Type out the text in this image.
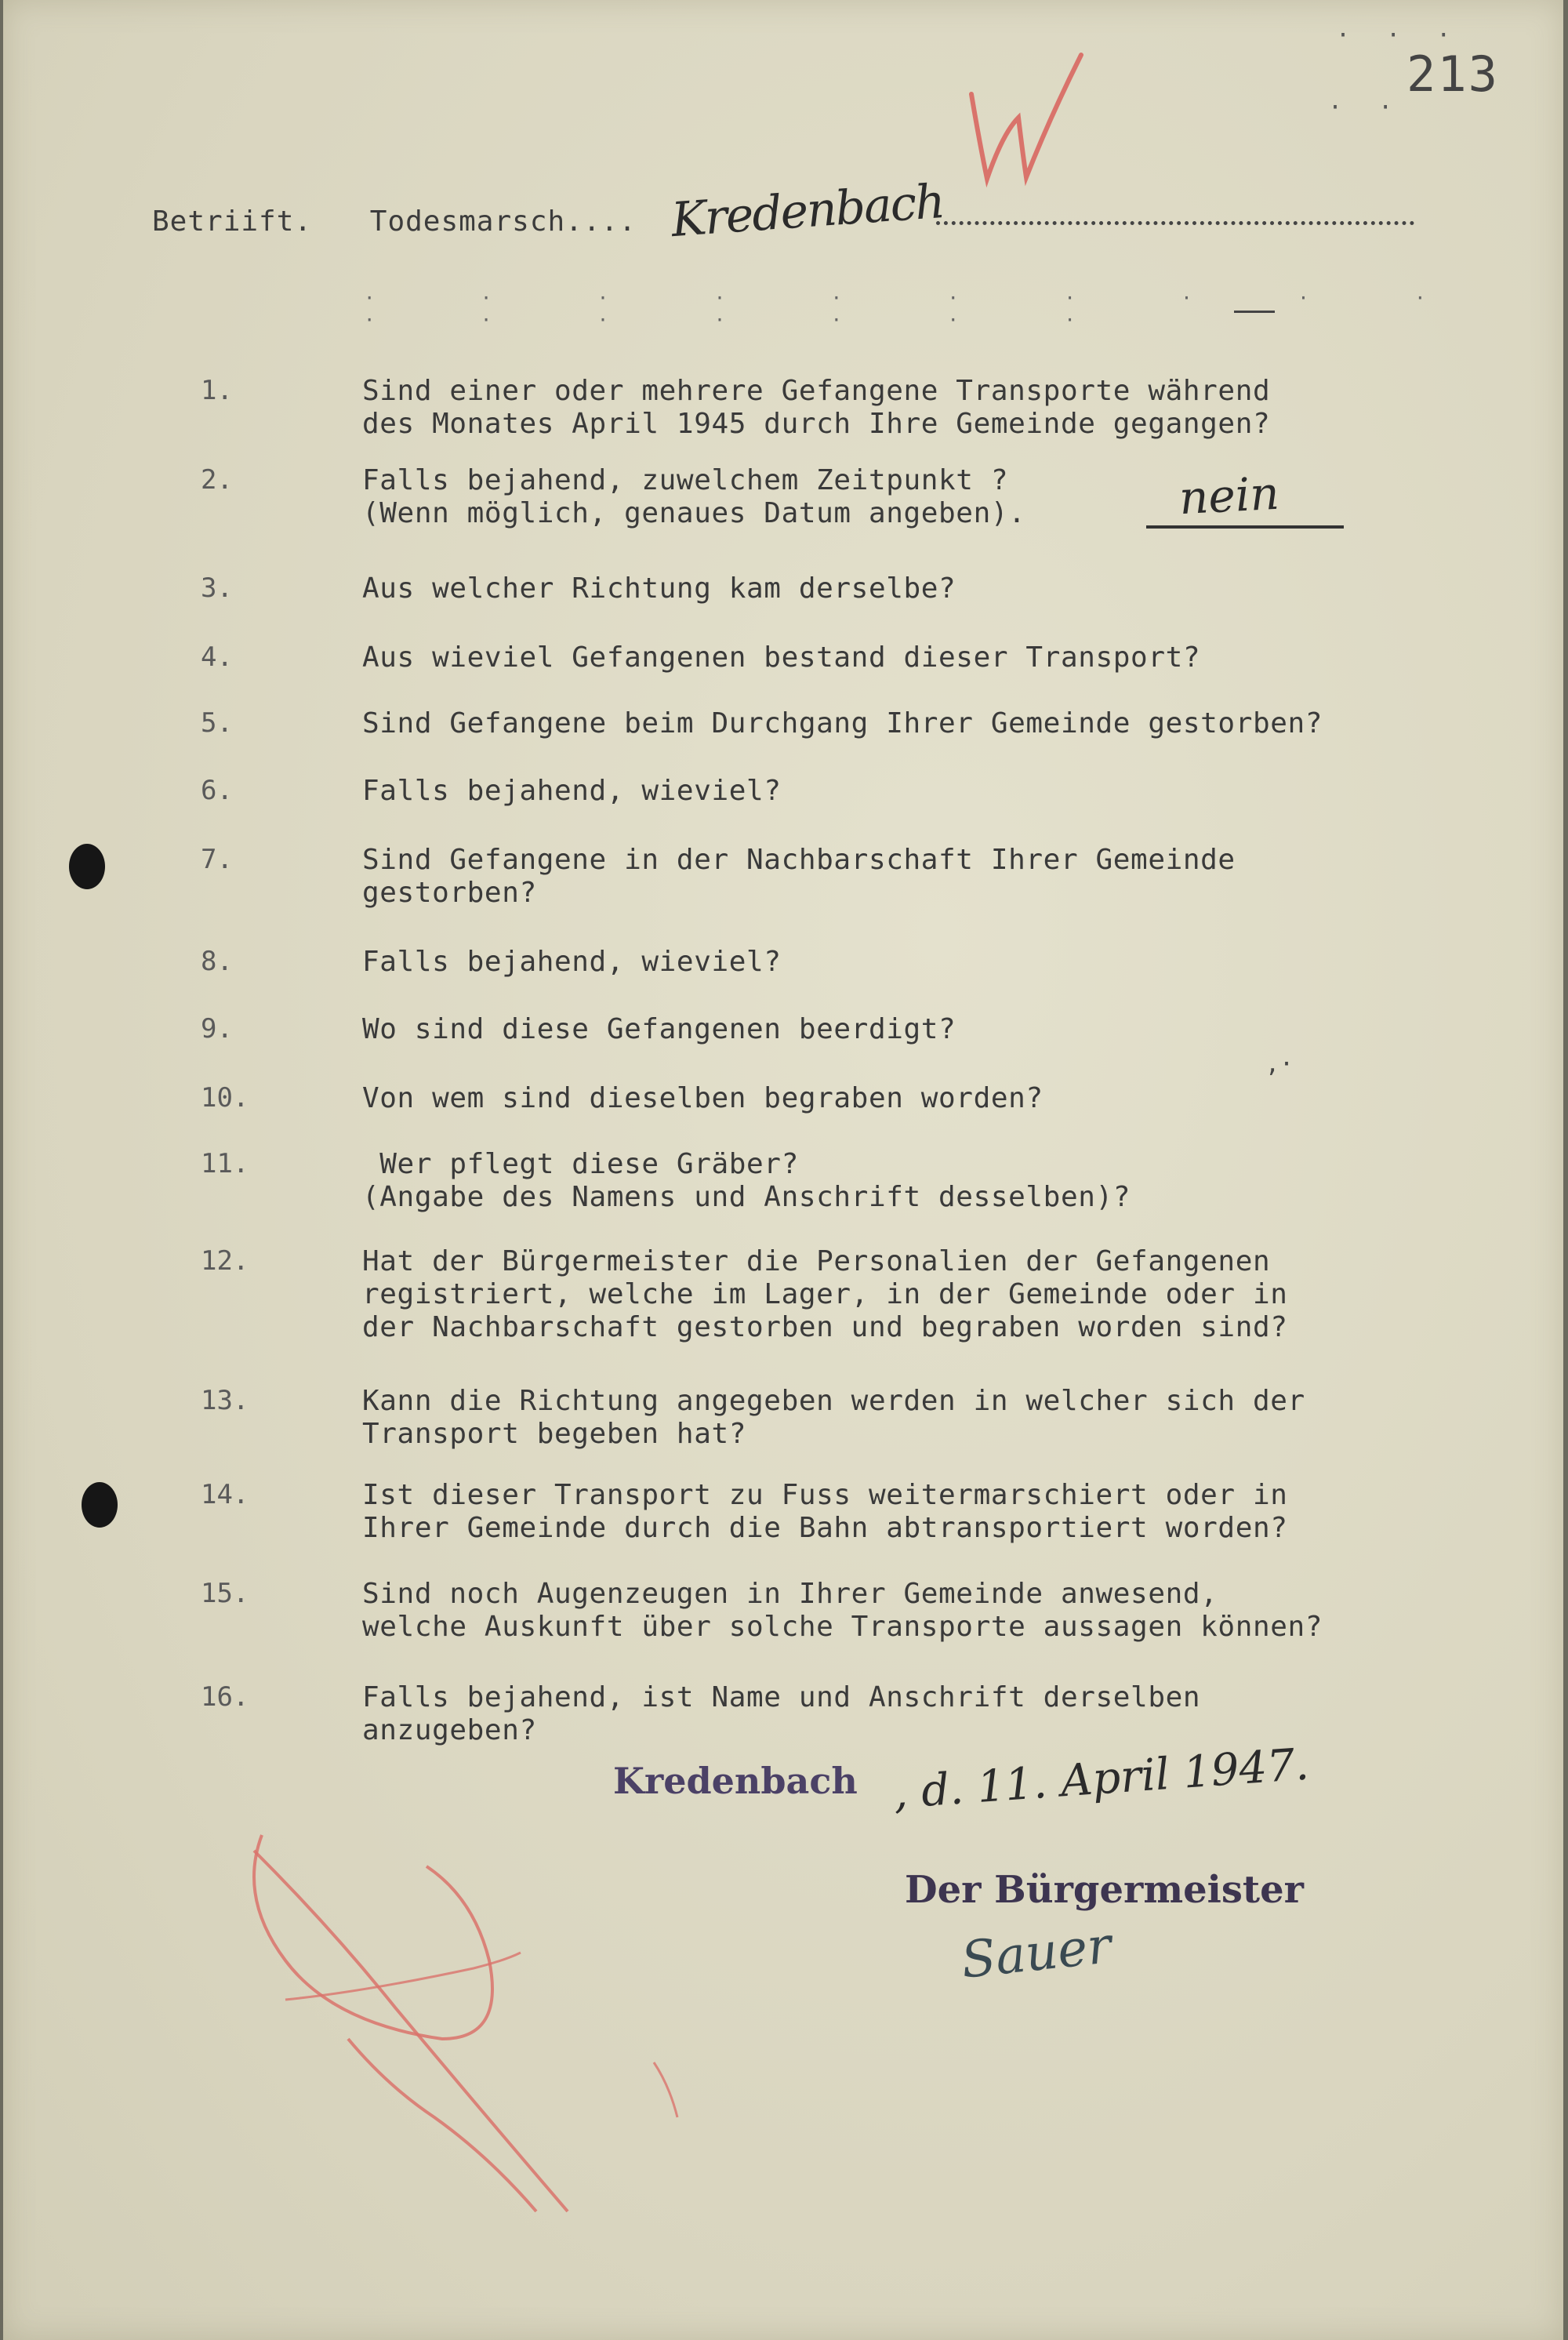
· · ·
213
· ·
Betriift. Todesmarsch.... Kredenbach
· · · · · · · · · · · · · · · · ·
1.	Sind einer oder mehrere Gefangene Transporte während
des Monates April 1945 durch Ihre Gemeinde gegangen?
2.	Falls bejahend, zuwelchem Zeitpunkt ?
(Wenn möglich, genaues Datum angeben).
3.	Aus welcher Richtung kam derselbe?
4.	Aus wieviel Gefangenen bestand dieser Transport?
5.	Sind Gefangene beim Durchgang Ihrer Gemeinde gestorben?
6.	Falls bejahend, wieviel?
7.	Sind Gefangene in der Nachbarschaft Ihrer Gemeinde
gestorben?
8.	Falls bejahend, wieviel?
9.	Wo sind diese Gefangenen beerdigt?
10.	Von wem sind dieselben begraben worden?
11.	Wer pflegt diese Gräber?
(Angabe des Namens und Anschrift desselben)?
12.	Hat der Bürgermeister die Personalien der Gefangenen
registriert, welche im Lager, in der Gemeinde oder in
der Nachbarschaft gestorben und begraben worden sind?
13.	Kann die Richtung angegeben werden in welcher sich der
Transport begeben hat?
14.	Ist dieser Transport zu Fuss weitermarschiert oder in
Ihrer Gemeinde durch die Bahn abtransportiert worden?
15.	Sind noch Augenzeugen in Ihrer Gemeinde anwesend,
welche Auskunft über solche Transporte aussagen können?
16.	Falls bejahend, ist Name und Anschrift derselben
anzugeben?
nein
‚·
Kredenbach , d. 11. April 1947.
Der Bürgermeister
Sauer
